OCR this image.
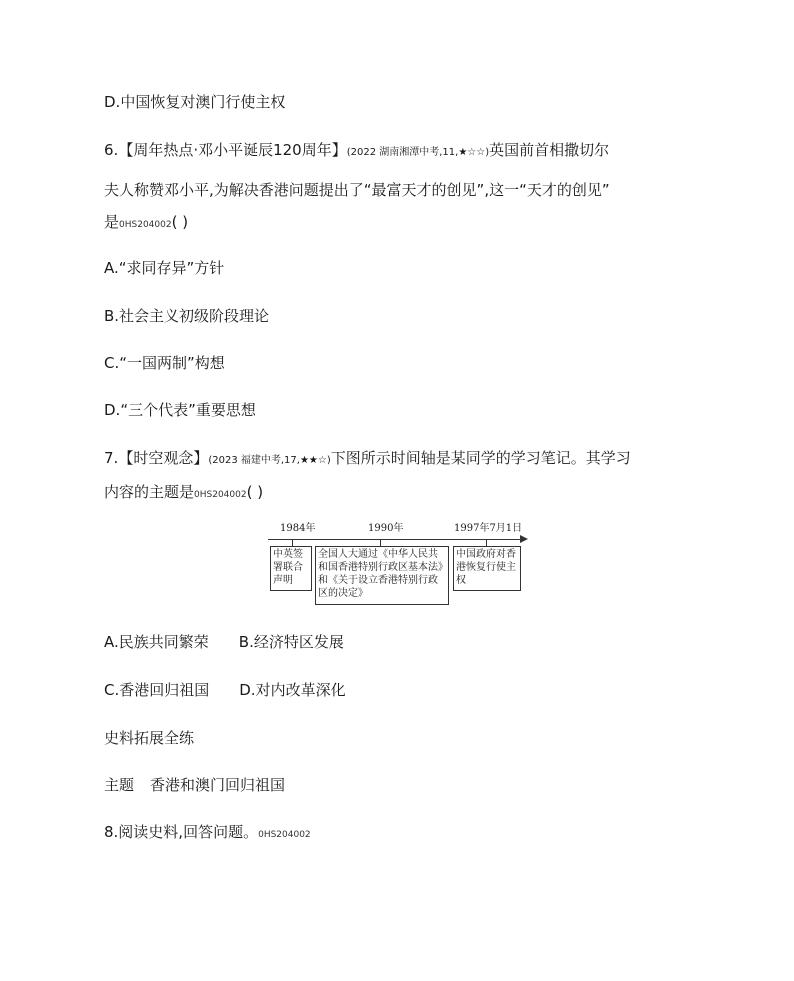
D.中国恢复对澳门行使主权
6.【周年热点·邓小平诞辰120周年】(2022 湖南湘潭中考,11,★☆☆)英国前首相撒切尔
夫人称赞邓小平,为解决香港问题提出了“最富天才的创见”,这一“天才的创见”
是0HS204002( )
A.“求同存异”方针
B.社会主义初级阶段理论
C.“一国两制”构想
D.“三个代表”重要思想
7.【时空观念】(2023 福建中考,17,★★☆)下图所示时间轴是某同学的学习笔记。其学习
内容的主题是0HS204002( )
1984年	1990年	1997年7月1日
中英签署联合声明
全国人大通过《中华人民共和国香港特别行政区基本法》和《关于设立香港特别行政区的决定》
中国政府对香港恢复行使主权
A.民族共同繁荣 B.经济特区发展
C.香港回归祖国 D.对内改革深化
史料拓展全练
主题 香港和澳门回归祖国
8.阅读史料,回答问题。0HS204002
